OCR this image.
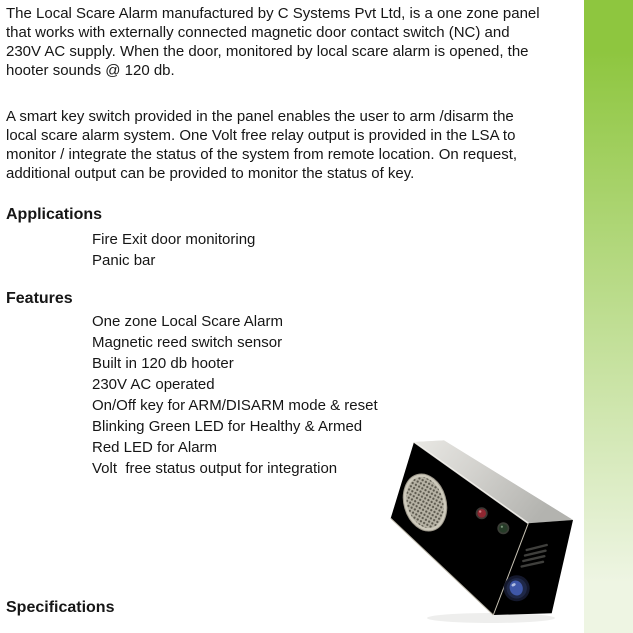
The Local Scare Alarm manufactured by C Systems Pvt Ltd, is a one zone panel
that works with externally connected magnetic door contact switch (NC) and
230V AC supply. When the door, monitored by local scare alarm is opened, the
hooter sounds @ 120 db.
A smart key switch provided in the panel enables the user to arm /disarm the
local scare alarm system. One Volt free relay output is provided in the LSA to
monitor / integrate the status of the system from remote location. On request,
additional output can be provided to monitor the status of key.
Applications
Fire Exit door monitoring
Panic bar
Features
One zone Local Scare Alarm
Magnetic reed switch sensor
Built in 120 db hooter
230V AC operated
On/Off key for ARM/DISARM mode & reset
Blinking Green LED for Healthy & Armed
Red LED for Alarm
Volt  free status output for integration
Specifications
